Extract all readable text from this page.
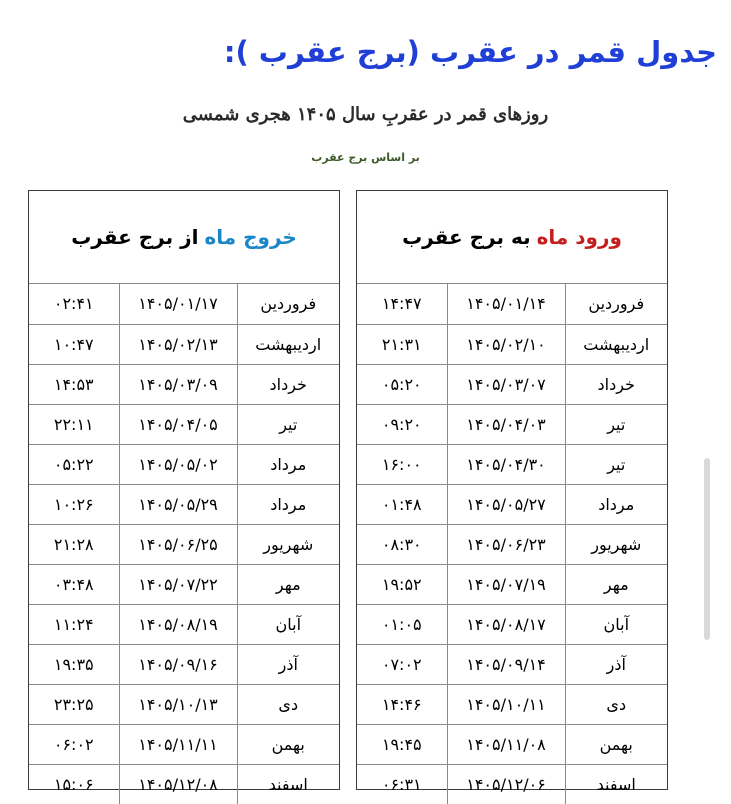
جدول قمر در عقرب (برج عقرب ):
روزهای قمر در عقربِ سال ۱۴۰۵ هجری شمسی
بر اساس برج عقرب
ورود ماه
به برج عقرب
فروردین	۱۴۰۵/۰۱/۱۴	۱۴:۴۷
اردیبهشت	۱۴۰۵/۰۲/۱۰	۲۱:۳۱
خرداد	۱۴۰۵/۰۳/۰۷	۰۵:۲۰
تیر	۱۴۰۵/۰۴/۰۳	۰۹:۲۰
تیر	۱۴۰۵/۰۴/۳۰	۱۶:۰۰
مرداد	۱۴۰۵/۰۵/۲۷	۰۱:۴۸
شهریور	۱۴۰۵/۰۶/۲۳	۰۸:۳۰
مهر	۱۴۰۵/۰۷/۱۹	۱۹:۵۲
آبان	۱۴۰۵/۰۸/۱۷	۰۱:۰۵
آذر	۱۴۰۵/۰۹/۱۴	۰۷:۰۲
دی	۱۴۰۵/۱۰/۱۱	۱۴:۴۶
بهمن	۱۴۰۵/۱۱/۰۸	۱۹:۴۵
اسفند	۱۴۰۵/۱۲/۰۶	۰۶:۳۱
خروج ماه
از برج عقرب
فروردین	۱۴۰۵/۰۱/۱۷	۰۲:۴۱
اردیبهشت	۱۴۰۵/۰۲/۱۳	۱۰:۴۷
خرداد	۱۴۰۵/۰۳/۰۹	۱۴:۵۳
تیر	۱۴۰۵/۰۴/۰۵	۲۲:۱۱
مرداد	۱۴۰۵/۰۵/۰۲	۰۵:۲۲
مرداد	۱۴۰۵/۰۵/۲۹	۱۰:۲۶
شهریور	۱۴۰۵/۰۶/۲۵	۲۱:۲۸
مهر	۱۴۰۵/۰۷/۲۲	۰۳:۴۸
آبان	۱۴۰۵/۰۸/۱۹	۱۱:۲۴
آذر	۱۴۰۵/۰۹/۱۶	۱۹:۳۵
دی	۱۴۰۵/۱۰/۱۳	۲۳:۲۵
بهمن	۱۴۰۵/۱۱/۱۱	۰۶:۰۲
اسفند	۱۴۰۵/۱۲/۰۸	۱۵:۰۶
